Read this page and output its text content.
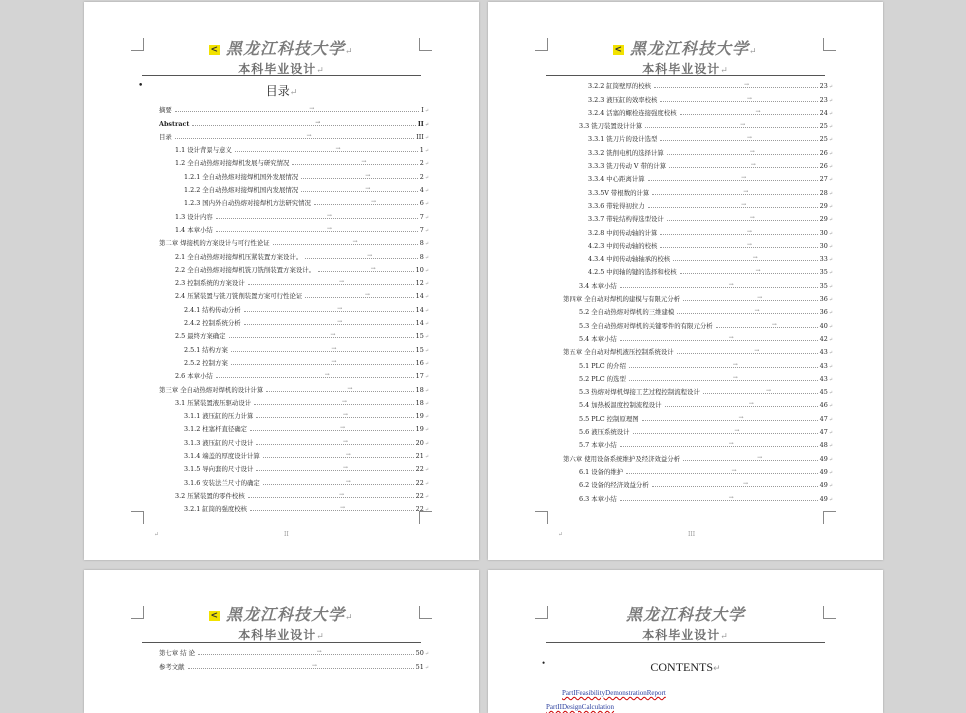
< 黑龙江科技大学↵
本科毕业设计↵
•	目录↵
摘要	→	I ↵
Abstract	→	II ↵
目录	→	III ↵
1.1 设计背景与意义	→	1 ↵
1.2 全自动热熔对接焊机发展与研究情况	→	2 ↵
1.2.1 全自动热熔对接焊机国外发展情况	→	2 ↵
1.2.2 全自动热熔对接焊机国内发展情况	→	4 ↵
1.2.3 国内外自动热熔对接焊机方法研究情况	→	6 ↵
1.3 设计内容	→	7 ↵
1.4 本章小结	→	7 ↵
第二章 焊接机的方案设计与可行性论证	→	8 ↵
2.1 全自动热熔对接焊机压紧装置方案设计。	→	8 ↵
2.2 全自动热熔对接焊机铣刀铣削装置方案设计。	→	10 ↵
2.3 控制系统的方案设计	→	12 ↵
2.4 压紧装置与铣刀铣削装置方案可行性论证	→	14 ↵
2.4.1 结构传动分析	→	14 ↵
2.4.2 控制系统分析	→	14 ↵
2.5 最终方案确定	→	15 ↵
2.5.1 结构方案	→	15 ↵
2.5.2 控制方案	→	16 ↵
2.6 本章小结	→	17 ↵
第三章 全自动热熔对焊机的设计计算	→	18 ↵
3.1 压紧装置液压驱动设计	→	18 ↵
3.1.1 液压缸的压力计算	→	19 ↵
3.1.2 柱塞杆直径确定	→	19 ↵
3.1.3 液压缸的尺寸设计	→	20 ↵
3.1.4 端盖的厚度设计计算	→	21 ↵
3.1.5 导向套的尺寸设计	→	22 ↵
3.1.6 安装法兰尺寸的确定	→	22 ↵
3.2 压紧装置的零件校核	→	22 ↵
3.2.1 缸筒的强度校核	→	22 ↵
↵	II
< 黑龙江科技大学↵
本科毕业设计↵
3.2.2 缸筒壁厚的校核	→	23 ↵
3.2.3 液压缸的效率校核	→	23 ↵
3.2.4 活塞的螺栓连接强度校核	→	24 ↵
3.3 铣刀装置设计计算	→	25 ↵
3.3.1 铣刀片的设计选型	→	25 ↵
3.3.2 铣削电机的选择计算	→	26 ↵
3.3.3 铣刀传动 V 带的计算	→	26 ↵
3.3.4 中心距离计算	→	27 ↵
3.3.5V 带根数的计算	→	28 ↵
3.3.6 带轮得初拉力	→	29 ↵
3.3.7 带轮结构得选型设计	→	29 ↵
3.2.8 中间传动轴的计算	→	30 ↵
4.2.3 中间传动轴的校核	→	30 ↵
4.3.4 中间传动轴轴承的校核	→	33 ↵
4.2.5 中间轴的键的选择和校核	→	35 ↵
3.4 本章小结	→	35 ↵
第四章 全自动对焊机的建模与有限元分析	→	36 ↵
5.2 全自动热熔对焊机的三维建模	→	36 ↵
5.3 全自动热熔对焊机的关键零件的有限元分析	→	40 ↵
5.4 本章小结	→	42 ↵
第五章 全自动对焊机液压控制系统设计	→	43 ↵
5.1 PLC 的介绍	→	43 ↵
5.2 PLC 的选型	→	43 ↵
5.3 热熔对焊机焊接工艺过程控制流程设计	→	45 ↵
5.4 加热板温度控制流程设计	→	46 ↵
5.5 PLC 控制原理图	→	47 ↵
5.6 液压系统设计	→	47 ↵
5.7 本章小结	→	48 ↵
第六章 使用设备系统维护及经济效益分析	→	49 ↵
6.1 设备的维护	→	49 ↵
6.2 设备的经济效益分析	→	49 ↵
6.3 本章小结	→	49 ↵
↵	III
< 黑龙江科技大学↵
本科毕业设计↵
第七章 结 论	→	50 ↵
参考文献	→	51 ↵
黑龙江科技大学
本科毕业设计↵
•	CONTENTS↵
PartIFeasibilityDemonstrationReport
PartIIDesignCalculation
